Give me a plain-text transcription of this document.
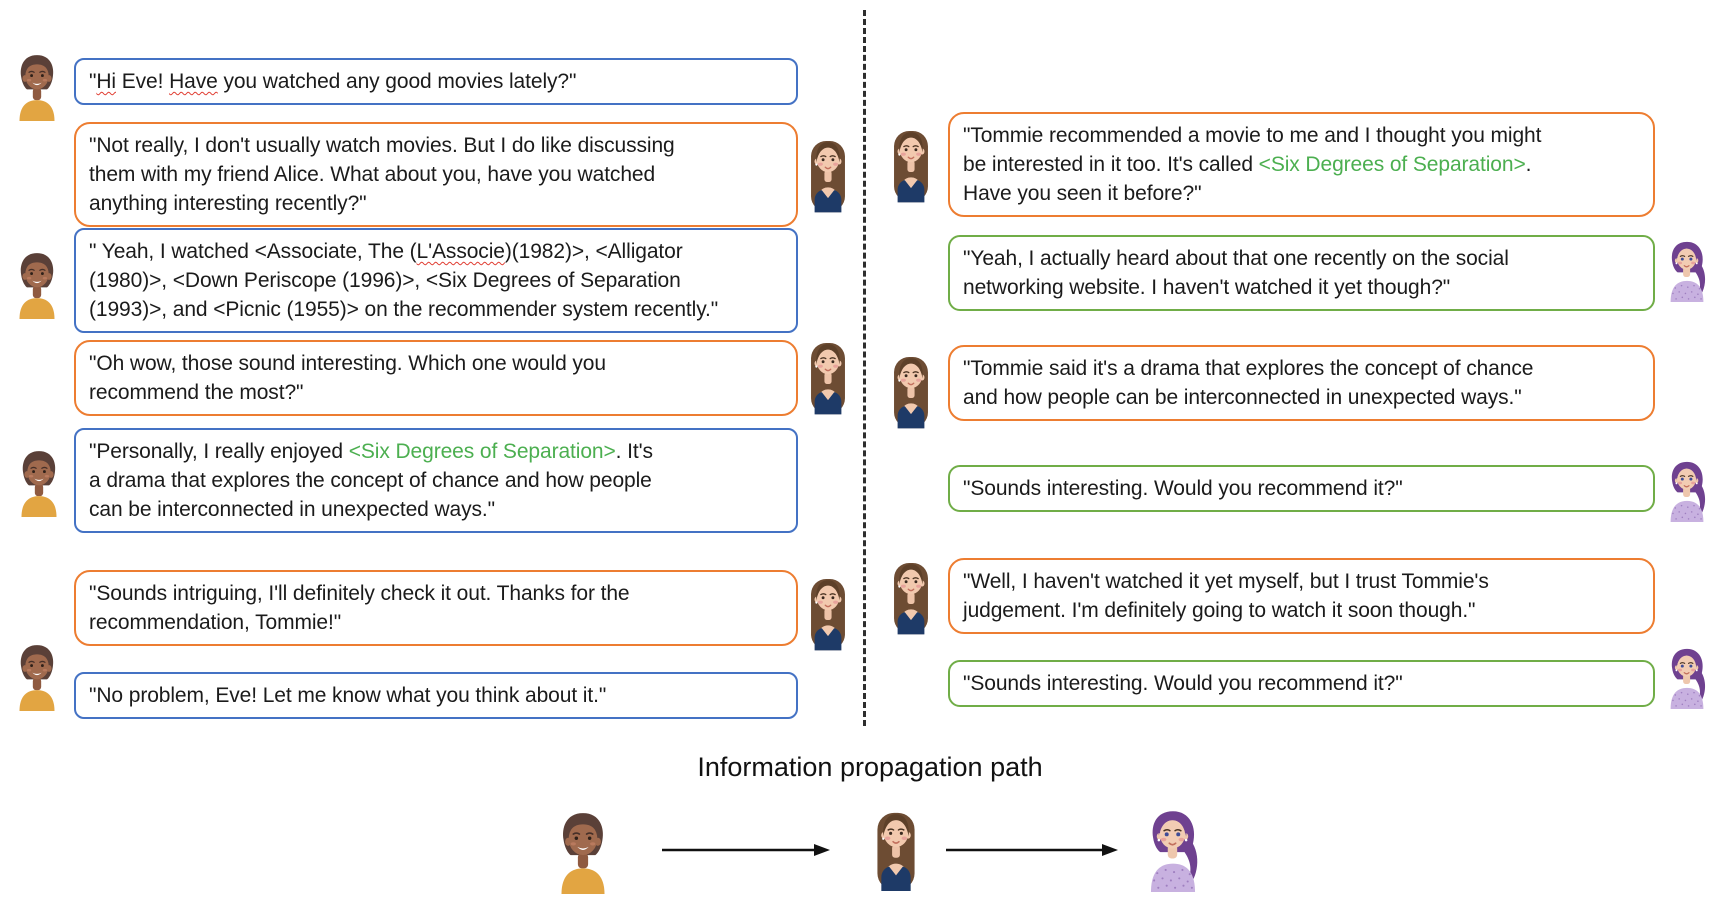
"Hi Eve! Have you watched any good movies lately?"
"Not really, I don't usually watch movies. But I do like discussing
them with my friend Alice. What about you, have you watched
anything interesting recently?"
" Yeah, I watched <Associate, The (L'Associe)(1982)>, <Alligator
(1980)>, <Down Periscope (1996)>, <Six Degrees of Separation
(1993)>, and <Picnic (1955)> on the recommender system recently."
"Oh wow, those sound interesting. Which one would you
recommend the most?"
"Personally, I really enjoyed <Six Degrees of Separation>. It's
a drama that explores the concept of chance and how people
can be interconnected in unexpected ways."
"Sounds intriguing, I'll definitely check it out. Thanks for the
recommendation, Tommie!"
"No problem, Eve! Let me know what you think about it."
"Tommie recommended a movie to me and I thought you might
be interested in it too. It's called <Six Degrees of Separation>.
Have you seen it before?"
"Yeah, I actually heard about that one recently on the social
networking website. I haven't watched it yet though?"
"Tommie said it's a drama that explores the concept of chance
and how people can be interconnected in unexpected ways."
"Sounds interesting. Would you recommend it?"
"Well, I haven't watched it yet myself, but I trust Tommie's
judgement. I'm definitely going to watch it soon though."
"Sounds interesting. Would you recommend it?"
Information propagation path
